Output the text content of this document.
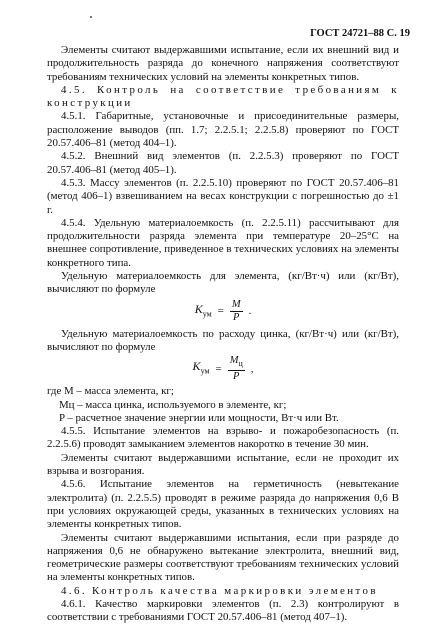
ГОСТ 24721–88 С. 19

Элементы считают выдержавшими испытание, если их внешний вид и продолжительность разряда до конечного напряжения соответствуют требованиям технических условий на элементы конкретных типов.

4.5. Контроль на соответствие требованиям к конструкции

4.5.1. Габаритные, установочные и присоединительные размеры, расположение выводов (пп. 1.7; 2.2.5.1; 2.2.5.8) проверяют по ГОСТ 20.57.406–81 (метод 404–1).

4.5.2. Внешний вид элементов (п. 2.2.5.3) проверяют по ГОСТ 20.57.406–81 (метод 405–1).

4.5.3. Массу элементов (п. 2.2.5.10) проверяют по ГОСТ 20.57.406–81 (метод 406–1) взвешиванием на весах конструкции с погрешностью до ±1 г.

4.5.4. Удельную материалоемкость (п. 2.2.5.11) рассчитывают для продолжительности разряда элемента при температуре 20–25°С на внешнее сопротивление, приведенное в технических условиях на элементы конкретного типа.

Удельную материалоемкость для элемента, (кг/Вт·ч) или (кг/Вт), вычисляют по формуле

$K_{ум} = \frac{M}{P}$ .

Удельную материалоемкость по расходу цинка, (кг/Вт·ч) или (кг/Вт), вычисляют по формуле

$K_{ум} = \frac{M_ц}{P}$ ,

где M – масса элемента, кг;

Mц – масса цинка, используемого в элементе, кг;

P – расчетное значение энергии или мощности, Вт·ч или Вт.

4.5.5. Испытание элементов на взрыво- и пожаробезопасность (п. 2.2.5.6) проводят замыканием элементов накоротко в течение 30 мин.

Элементы считают выдержавшими испытание, если не проходит их взрыва и возгорания.

4.5.6. Испытание элементов на герметичность (невытекание электролита) (п. 2.2.5.5) проводят в режиме разряда до напряжения 0,6 В при условиях окружающей среды, указанных в технических условиях на элементы конкретных типов.

Элементы считают выдержавшими испытания, если при разряде до напряжения 0,6 не обнаружено вытекание электролита, внешний вид, геометрические размеры соответствуют требованиям технических условий на элементы конкретных типов.

4.6. Контроль качества маркировки элементов

4.6.1. Качество маркировки элементов (п. 2.3) контролируют в соответствии с требованиями ГОСТ 20.57.406–81 (метод 407–1).
